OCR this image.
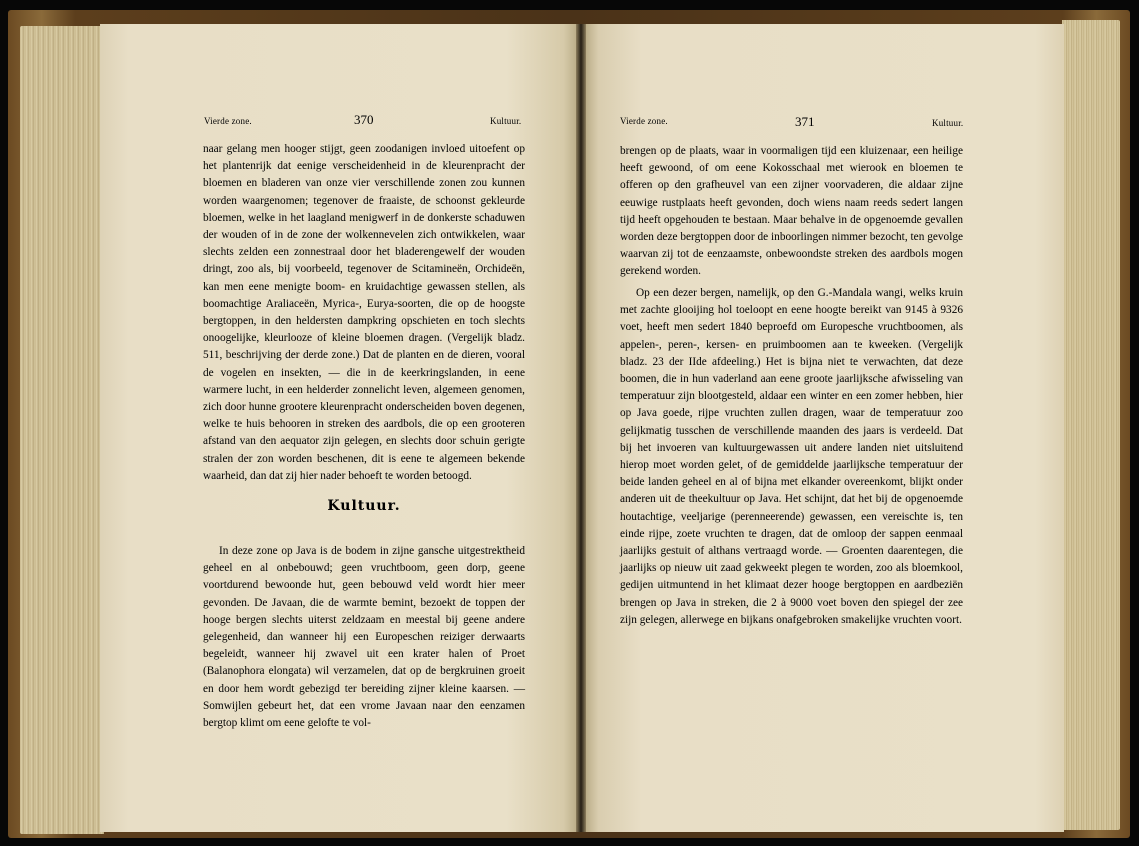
Vierde zone.	370	Kultuur.

naar gelang men hooger stijgt, geen zoodanigen invloed uitoefent op het plantenrijk dat eenige verscheidenheid in de kleurenpracht der bloemen en bladeren van onze vier verschillende zonen zou kunnen worden waargenomen; tegenover de fraaiste, de schoonst gekleurde bloemen, welke in het laagland menigwerf in de donkerste schaduwen der wouden of in de zone der wolkennevelen zich ontwikkelen, waar slechts zelden een zonnestraal door het bladerengewelf der wouden dringt, zoo als, bij voorbeeld, tegenover de Scitamineën, Orchideën, kan men eene menigte boom- en kruidachtige gewassen stellen, als boomachtige Araliaceën, Myrica-, Eurya-soorten, die op de hoogste bergtoppen, in den heldersten dampkring opschieten en toch slechts onoogelijke, kleurlooze of kleine bloemen dragen. (Vergelijk bladz. 511, beschrijving der derde zone.) Dat de planten en de dieren, vooral de vogelen en insekten, — die in de keerkringslanden, in eene warmere lucht, in een helderder zonnelicht leven, algemeen genomen, zich door hunne grootere kleurenpracht onderscheiden boven degenen, welke te huis behooren in streken des aardbols, die op een grooteren afstand van den aequator zijn gelegen, en slechts door schuin gerigte stralen der zon worden beschenen, dit is eene te algemeen bekende waarheid, dan dat zij hier nader behoeft te worden betoogd.

Kultuur.

In deze zone op Java is de bodem in zijne gansche uitgestrektheid geheel en al onbebouwd; geen vruchtboom, geen dorp, geene voortdurend bewoonde hut, geen bebouwd veld wordt hier meer gevonden. De Javaan, die de warmte bemint, bezoekt de toppen der hooge bergen slechts uiterst zeldzaam en meestal bij geene andere gelegenheid, dan wanneer hij een Europeschen reiziger derwaarts begeleidt, wanneer hij zwavel uit een krater halen of Proet (Balanophora elongata) wil verzamelen, dat op de bergkruinen groeit en door hem wordt gebezigd ter bereiding zijner kleine kaarsen. — Somwijlen gebeurt het, dat een vrome Javaan naar den eenzamen bergtop klimt om eene gelofte te vol-

Vierde zone.	371	Kultuur.

brengen op de plaats, waar in voormaligen tijd een kluizenaar, een heilige heeft gewoond, of om eene Kokosschaal met wierook en bloemen te offeren op den grafheuvel van een zijner voorvaderen, die aldaar zijne eeuwige rustplaats heeft gevonden, doch wiens naam reeds sedert langen tijd heeft opgehouden te bestaan. Maar behalve in de opgenoemde gevallen worden deze bergtoppen door de inboorlingen nimmer bezocht, ten gevolge waarvan zij tot de eenzaamste, onbewoondste streken des aardbols mogen gerekend worden.

Op een dezer bergen, namelijk, op den G.-Mandala wangi, welks kruin met zachte glooijing hol toeloopt en eene hoogte bereikt van 9145 à 9326 voet, heeft men sedert 1840 beproefd om Europesche vruchtboomen, als appelen-, peren-, kersen- en pruimboomen aan te kweeken. (Vergelijk bladz. 23 der IIde afdeeling.) Het is bijna niet te verwachten, dat deze boomen, die in hun vaderland aan eene groote jaarlijksche afwisseling van temperatuur zijn blootgesteld, aldaar een winter en een zomer hebben, hier op Java goede, rijpe vruchten zullen dragen, waar de temperatuur zoo gelijkmatig tusschen de verschillende maanden des jaars is verdeeld. Dat bij het invoeren van kultuurgewassen uit andere landen niet uitsluitend hierop moet worden gelet, of de gemiddelde jaarlijksche temperatuur der beide landen geheel en al of bijna met elkander overeenkomt, blijkt onder anderen uit de theekultuur op Java. Het schijnt, dat het bij de opgenoemde houtachtige, veeljarige (perenneerende) gewassen, een vereischte is, ten einde rijpe, zoete vruchten te dragen, dat de omloop der sappen eenmaal jaarlijks gestuit of althans vertraagd worde. — Groenten daarentegen, die jaarlijks op nieuw uit zaad gekweekt plegen te worden, zoo als bloemkool, gedijen uitmuntend in het klimaat dezer hooge bergtoppen en aardbeziën brengen op Java in streken, die 2 à 9000 voet boven den spiegel der zee zijn gelegen, allerwege en bijkans onafgebroken smakelijke vruchten voort.
